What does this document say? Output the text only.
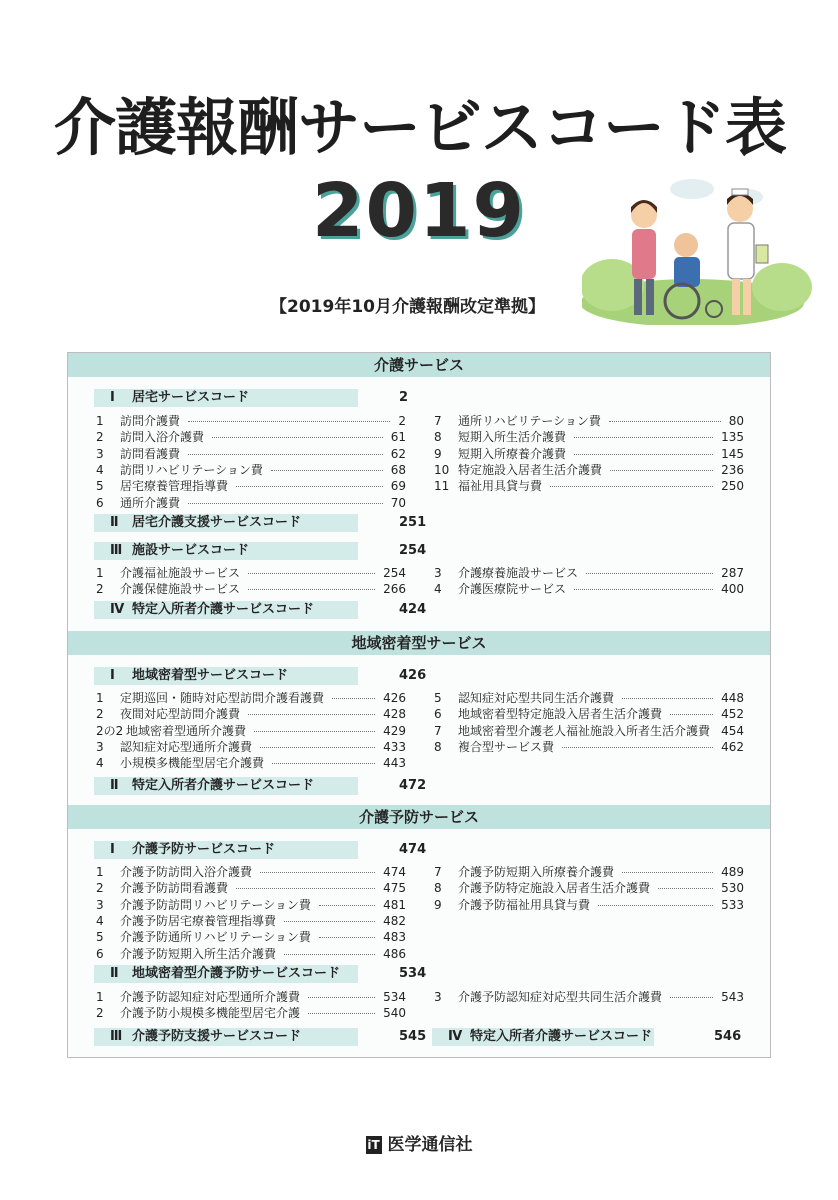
介護報酬サービスコード表
2019
【2019年10月介護報酬改定準拠】
介護サービス
Ⅰ 居宅サービスコード	2
1 訪問介護費	2
2 訪問入浴介護費	61
3 訪問看護費	62
4 訪問リハビリテーション費	68
5 居宅療養管理指導費	69
6 通所介護費	70
7 通所リハビリテーション費	80
8 短期入所生活介護費	135
9 短期入所療養介護費	145
10 特定施設入居者生活介護費	236
11 福祉用具貸与費	250
Ⅱ 居宅介護支援サービスコード	251
Ⅲ 施設サービスコード	254
1 介護福祉施設サービス	254
2 介護保健施設サービス	266
3 介護療養施設サービス	287
4 介護医療院サービス	400
Ⅳ 特定入所者介護サービスコード	424
地域密着型サービス
Ⅰ 地域密着型サービスコード	426
1 定期巡回・随時対応型訪問介護看護費	426
2 夜間対応型訪問介護費	428
2の2 地域密着型通所介護費	429
3 認知症対応型通所介護費	433
4 小規模多機能型居宅介護費	443
5 認知症対応型共同生活介護費	448
6 地域密着型特定施設入居者生活介護費	452
7 地域密着型介護老人福祉施設入所者生活介護費 454
8 複合型サービス費	462
Ⅱ 特定入所者介護サービスコード	472
介護予防サービス
Ⅰ 介護予防サービスコード	474
1 介護予防訪問入浴介護費	474
2 介護予防訪問看護費	475
3 介護予防訪問リハビリテーション費	481
4 介護予防居宅療養管理指導費	482
5 介護予防通所リハビリテーション費	483
6 介護予防短期入所生活介護費	486
7 介護予防短期入所療養介護費	489
8 介護予防特定施設入居者生活介護費	530
9 介護予防福祉用具貸与費	533
Ⅱ 地域密着型介護予防サービスコード	534
1 介護予防認知症対応型通所介護費	534
2 介護予防小規模多機能型居宅介護	540
3 介護予防認知症対応型共同生活介護費	543
Ⅲ 介護予防支援サービスコード	545 Ⅳ 特定入所者介護サービスコード	546
iT 医学通信社
